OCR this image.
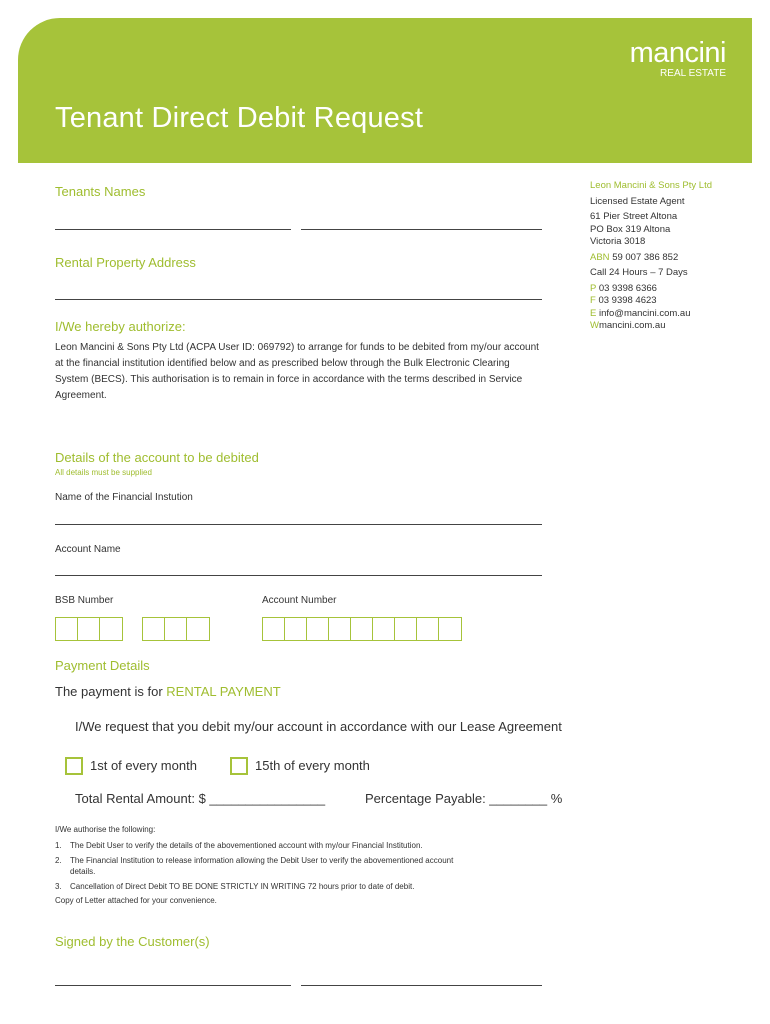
mancini
REAL ESTATE
Tenant Direct Debit Request
Leon Mancini & Sons Pty Ltd
Licensed Estate Agent
61 Pier Street Altona
PO Box 319 Altona
Victoria 3018
ABN 59 007 386 852
Call 24 Hours – 7 Days
P 03 9398 6366
F 03 9398 4623
E info@mancini.com.au
Wmancini.com.au
Tenants Names
Rental Property Address
I/We hereby authorize:
Leon Mancini & Sons Pty Ltd (ACPA User ID: 069792) to arrange for funds to be debited from my/our account at the financial institution identified below and as prescribed below through the Bulk Electronic Clearing System (BECS). This authorisation is to remain in force in accordance with the terms described in Service Agreement.
Details of the account to be debited
All details must be supplied
Name of the Financial Instution
Account Name
BSB Number	Account Number
Payment Details
The payment is for RENTAL PAYMENT
I/We request that you debit my/our account in accordance with our Lease Agreement
1st of every month	15th of every month
Total Rental Amount: $ ________________	Percentage Payable: ________ %
I/We authorise the following:
1.	The Debit User to verify the details of the abovementioned account with my/our Financial Institution.
2.	The Financial Institution to release information allowing the Debit User to verify the abovementioned account details.
3.	Cancellation of Direct Debit TO BE DONE STRICTLY IN WRITING 72 hours prior to date of debit.
Copy of Letter attached for your convenience.
Signed by the Customer(s)
